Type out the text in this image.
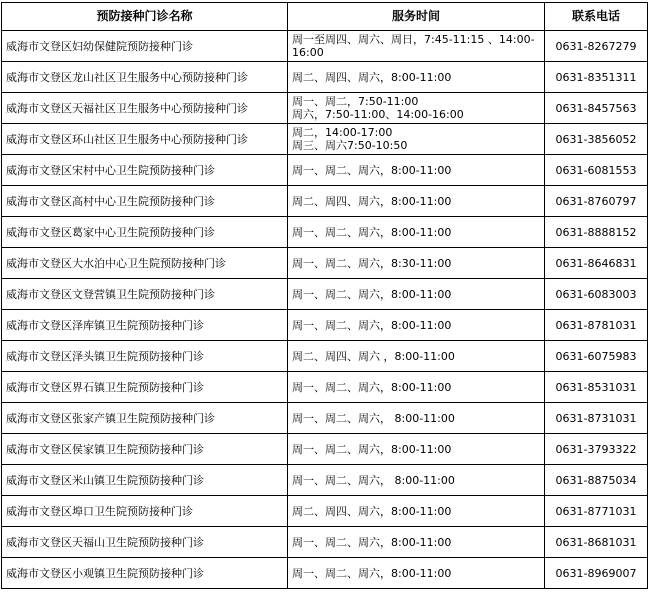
预防接种门诊名称	服务时间	联系电话
威海市文登区妇幼保健院预防接种门诊	周一至周四、周六、周日，7:45-11:15 、14:00-
16:00	0631-8267279
威海市文登区龙山社区卫生服务中心预防接种门诊	周二、周四、周六，8:00-11:00	0631-8351311
威海市文登区天福社区卫生服务中心预防接种门诊	周一、周二，7:50-11:00
周六，7:50-11:00、14:00-16:00	0631-8457563
威海市文登区环山社区卫生服务中心预防接种门诊	周二，14:00-17:00
周三、周六7:50-10:50	0631-3856052
威海市文登区宋村中心卫生院预防接种门诊	周一、周二、周六，8:00-11:00	0631-6081553
威海市文登区高村中心卫生院预防接种门诊	周二、周四、周六，8:00-11:00	0631-8760797
威海市文登区葛家中心卫生院预防接种门诊	周一、周二、周六，8:00-11:00	0631-8888152
威海市文登区大水泊中心卫生院预防接种门诊	周一、周二、周六，8:30-11:00	0631-8646831
威海市文登区文登营镇卫生院预防接种门诊	周一、周二、周六，8:00-11:00	0631-6083003
威海市文登区泽库镇卫生院预防接种门诊	周一、周二、周六，8:00-11:00	0631-8781031
威海市文登区泽头镇卫生院预防接种门诊	周二、周四、周六 ，8:00-11:00	0631-6075983
威海市文登区界石镇卫生院预防接种门诊	周一、周二、周六，8:00-11:00	0631-8531031
威海市文登区张家产镇卫生院预防接种门诊	周一、周二、周六， 8:00-11:00	0631-8731031
威海市文登区侯家镇卫生院预防接种门诊	周一、周二、周六，8:00-11:00	0631-3793322
威海市文登区米山镇卫生院预防接种门诊	周一、周二、周六， 8:00-11:00	0631-8875034
威海市文登区埠口卫生院预防接种门诊	周二、周四、周六，8:00-11:00	0631-8771031
威海市文登区天福山卫生院预防接种门诊	周一、周二、周六，8:00-11:00	0631-8681031
威海市文登区小观镇卫生院预防接种门诊	周一、周二、周六，8:00-11:00	0631-8969007
